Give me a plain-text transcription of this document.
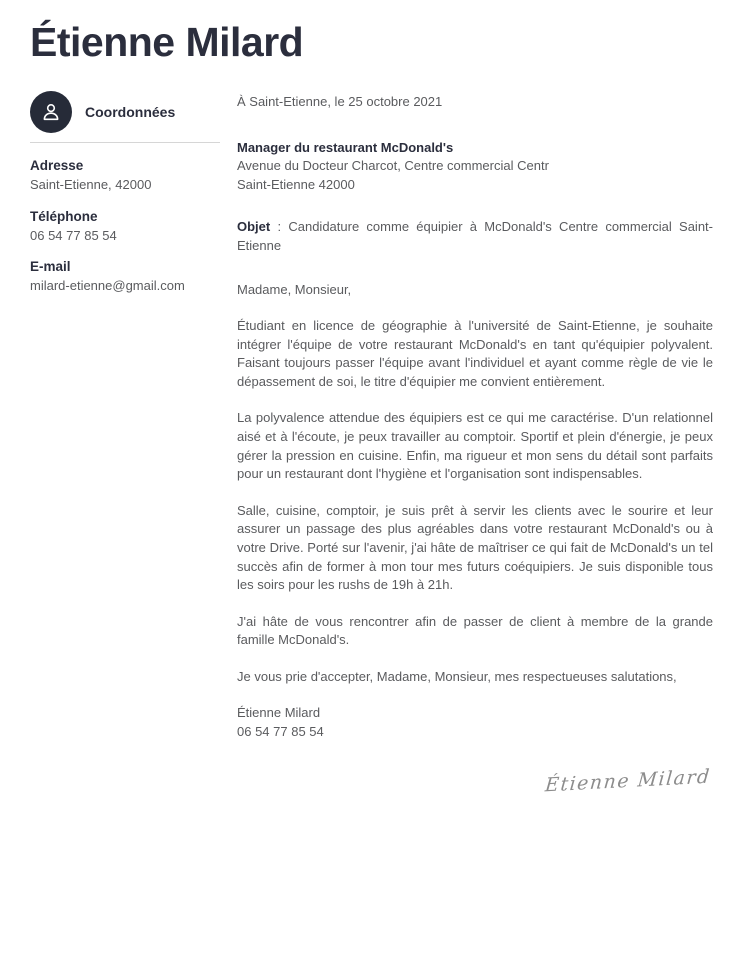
Étienne Milard
Coordonnées
Adresse
Saint-Etienne, 42000
Téléphone
06 54 77 85 54
E-mail
milard-etienne@gmail.com
À Saint-Etienne, le 25 octobre 2021
Manager du restaurant McDonald's
Avenue du Docteur Charcot, Centre commercial Centr
Saint-Etienne 42000
Objet : Candidature comme équipier à McDonald's Centre commercial Saint-Etienne
Madame, Monsieur,

Étudiant en licence de géographie à l'université de Saint-Etienne, je souhaite intégrer l'équipe de votre restaurant McDonald's en tant qu'équipier polyvalent. Faisant toujours passer l'équipe avant l'individuel et ayant comme règle de vie le dépassement de soi, le titre d'équipier me convient entièrement.

La polyvalence attendue des équipiers est ce qui me caractérise. D'un relationnel aisé et à l'écoute, je peux travailler au comptoir. Sportif et plein d'énergie, je peux gérer la pression en cuisine. Enfin, ma rigueur et mon sens du détail sont parfaits pour un restaurant dont l'hygiène et l'organisation sont indispensables.

Salle, cuisine, comptoir, je suis prêt à servir les clients avec le sourire et leur assurer un passage des plus agréables dans votre restaurant McDonald's ou à votre Drive. Porté sur l'avenir, j'ai hâte de maîtriser ce qui fait de McDonald's un tel succès afin de former à mon tour mes futurs coéquipiers. Je suis disponible tous les soirs pour les rushs de 19h à 21h.

J'ai hâte de vous rencontrer afin de passer de client à membre de la grande famille McDonald's.

Je vous prie d'accepter, Madame, Monsieur, mes respectueuses salutations,

Étienne Milard
06 54 77 85 54
Étienne Milard
